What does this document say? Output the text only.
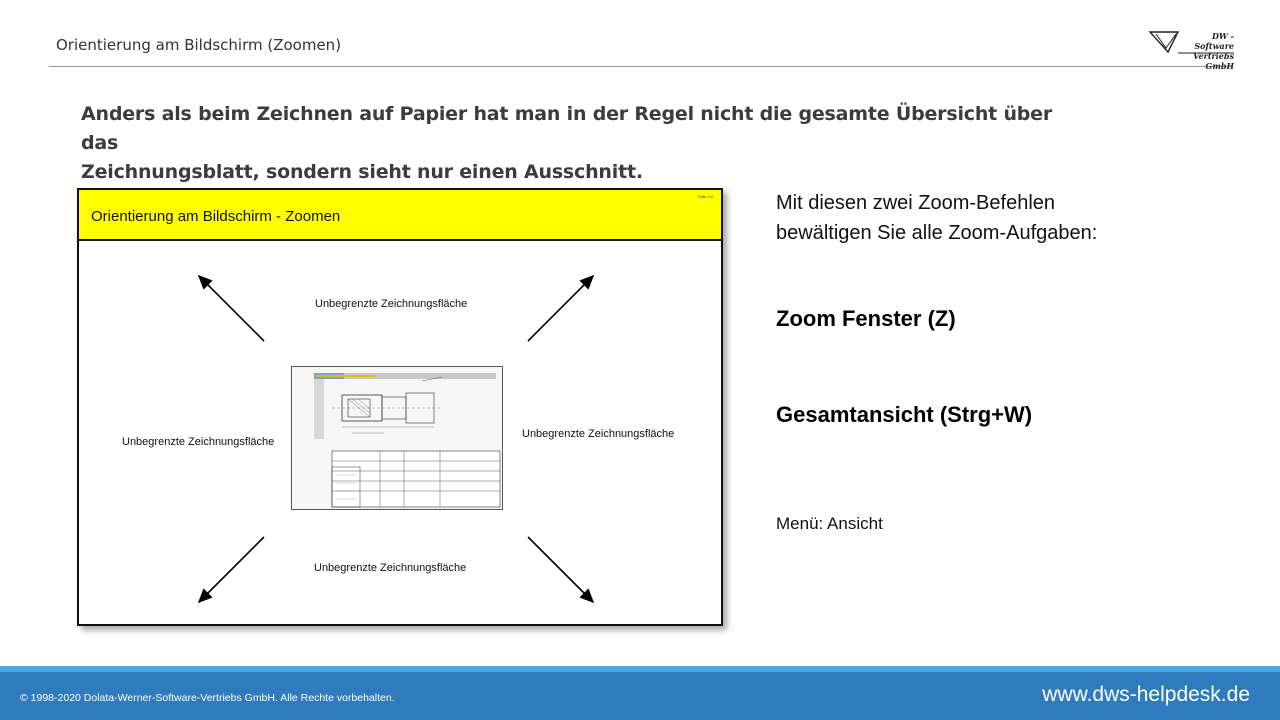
Orientierung am Bildschirm (Zoomen)	DW - Software
Vertriebs GmbH
Anders als beim Zeichnen auf Papier hat man in der Regel nicht die gesamte Übersicht über das
Zeichnungsblatt, sondern sieht nur einen Ausschnitt.
Orientierung am Bildschirm - Zoomen
Folie 2.9
Unbegrenzte Zeichnungsfläche
Unbegrenzte Zeichnungsfläche
Unbegrenzte Zeichnungsfläche
Unbegrenzte Zeichnungsfläche
Mit diesen zwei Zoom-Befehlen
bewältigen Sie alle Zoom-Aufgaben:
Zoom Fenster (Z)
Gesamtansicht (Strg+W)
Menü: Ansicht
© 1998-2020 Dolata-Werner-Software-Vertriebs GmbH. Alle Rechte vorbehalten.	www.dws-helpdesk.de
